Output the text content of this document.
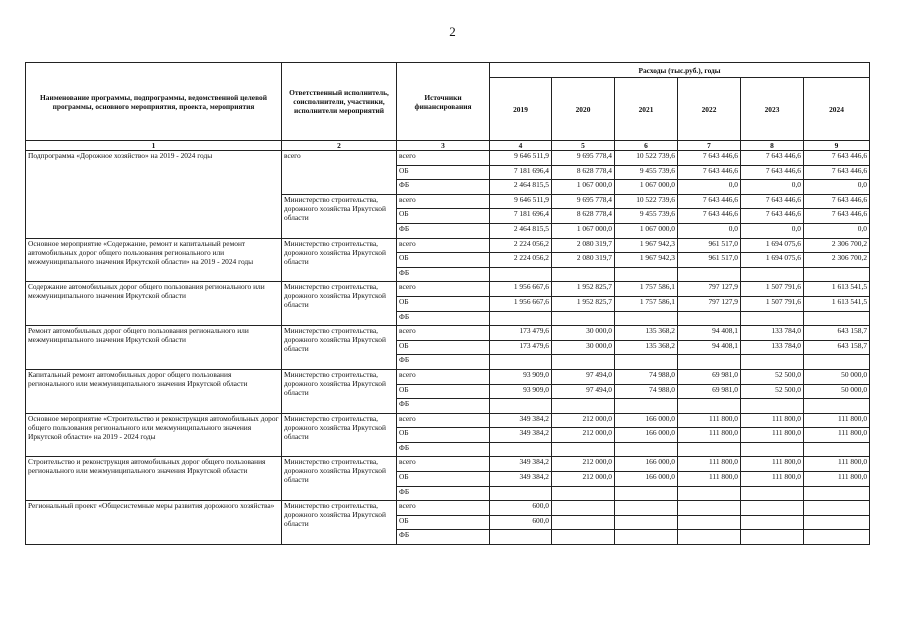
2
Наименование программы, подпрограммы, ведомственной целевой программы, основного мероприятия, проекта, мероприятия	Ответственный исполнитель, соисполнители, участники, исполнители мероприятий	Источники финансирования	Расходы (тыс.руб.), годы					
			2019	2020	2021	2022	2023	2024
1	2	3	4	5	6	7	8	9
Подпрограмма «Дорожное хозяйство» на 2019 - 2024 годы	всего	всего	9 646 511,9	9 695 778,4	10 522 739,6	7 643 446,6	7 643 446,6	7 643 446,6
		ОБ	7 181 696,4	8 628 778,4	9 455 739,6	7 643 446,6	7 643 446,6	7 643 446,6
		ФБ	2 464 815,5	1 067 000,0	1 067 000,0	0,0	0,0	0,0
	Министерство строительства, дорожного хозяйства Иркутской области	всего	9 646 511,9	9 695 778,4	10 522 739,6	7 643 446,6	7 643 446,6	7 643 446,6
		ОБ	7 181 696,4	8 628 778,4	9 455 739,6	7 643 446,6	7 643 446,6	7 643 446,6
		ФБ	2 464 815,5	1 067 000,0	1 067 000,0	0,0	0,0	0,0
Основное мероприятие «Содержание, ремонт и капитальный ремонт автомобильных дорог общего пользования регионального или межмуниципального значения Иркутской области» на 2019 - 2024 годы	Министерство строительства, дорожного хозяйства Иркутской области	всего	2 224 056,2	2 080 319,7	1 967 942,3	961 517,0	1 694 075,6	2 306 700,2
		ОБ	2 224 056,2	2 080 319,7	1 967 942,3	961 517,0	1 694 075,6	2 306 700,2
		ФБ						
Содержание автомобильных дорог общего пользования регионального или межмуниципального значения Иркутской области	Министерство строительства, дорожного хозяйства Иркутской области	всего	1 956 667,6	1 952 825,7	1 757 586,1	797 127,9	1 507 791,6	1 613 541,5
		ОБ	1 956 667,6	1 952 825,7	1 757 586,1	797 127,9	1 507 791,6	1 613 541,5
		ФБ						
Ремонт автомобильных дорог общего пользования регионального или межмуниципального значения Иркутской области	Министерство строительства, дорожного хозяйства Иркутской области	всего	173 479,6	30 000,0	135 368,2	94 408,1	133 784,0	643 158,7
		ОБ	173 479,6	30 000,0	135 368,2	94 408,1	133 784,0	643 158,7
		ФБ						
Капитальный ремонт автомобильных дорог общего пользования регионального или межмуниципального значения Иркутской области	Министерство строительства, дорожного хозяйства Иркутской области	всего	93 909,0	97 494,0	74 988,0	69 981,0	52 500,0	50 000,0
		ОБ	93 909,0	97 494,0	74 988,0	69 981,0	52 500,0	50 000,0
		ФБ						
Основное мероприятие «Строительство и реконструкция автомобильных дорог общего пользования регионального или межмуниципального значения Иркутской области» на 2019 - 2024 годы	Министерство строительства, дорожного хозяйства Иркутской области	всего	349 384,2	212 000,0	166 000,0	111 800,0	111 800,0	111 800,0
		ОБ	349 384,2	212 000,0	166 000,0	111 800,0	111 800,0	111 800,0
		ФБ						
Строительство и реконструкция автомобильных дорог общего пользования регионального или межмуниципального значения Иркутской области	Министерство строительства, дорожного хозяйства Иркутской области	всего	349 384,2	212 000,0	166 000,0	111 800,0	111 800,0	111 800,0
		ОБ	349 384,2	212 000,0	166 000,0	111 800,0	111 800,0	111 800,0
		ФБ						
Региональный проект «Общесистемные меры развития дорожного хозяйства»	Министерство строительства, дорожного хозяйства Иркутской области	всего	600,0					
		ОБ	600,0					
		ФБ						
